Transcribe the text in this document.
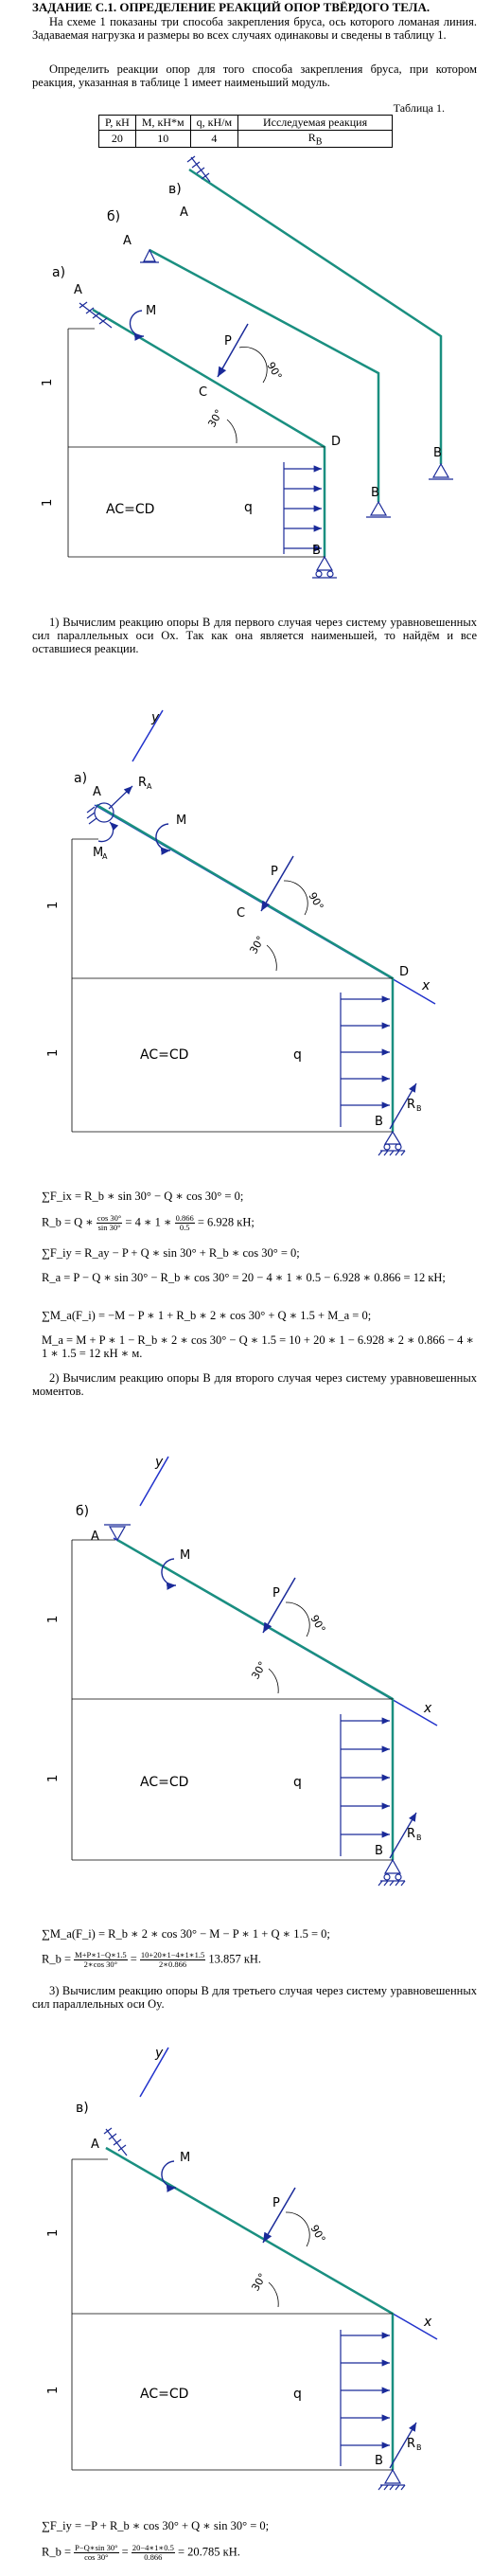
ЗАДАНИЕ С.1. ОПРЕДЕЛЕНИЕ РЕАКЦИЙ ОПОР ТВЁРДОГО ТЕЛА.

На схеме 1 показаны три способа закрепления бруса, ось которого ломаная линия. Задаваемая нагрузка и размеры во всех случаях одинаковы и сведены в таблицу 1.

Определить реакции опор для того способа закрепления бруса, при котором реакция, указанная в таблице 1 имеет наименьший модуль.

Таблица 1.
P, кН	M, кН*м	q, кН/м	Исследуемая реакция
20	10	4	$R_B$
в)
б)
а)
A
A
A
M
P
90°
C
30°
D
1
1	AC=CD	q
B
B
B

1) Вычислим реакцию опоры B для первого случая через систему уравновешенных сил параллельных оси Ox. Так как она является наименьшей, то найдём и все оставшиеся реакции.

y
x
а)
A
R A
M
A
M
P
90°
C
30°
D
1
1	AC=CD	q
R B
B

∑F_ix = R_b ∗ sin 30° − Q ∗ cos 30° = 0;

R_b = Q ∗ $\frac{\cos 30^\circ}{\sin 30^\circ} = 4$ ∗ 1 ∗ $\frac{0.866}{0.5} = 6.928$ кН;

∑F_iy = R_ay − P + Q ∗ sin 30° + R_b ∗ cos 30° = 0;

R_a = P − Q ∗ sin 30° − R_b ∗ cos 30° = 20 − 4 ∗ 1 ∗ 0.5 − 6.928 ∗ 0.866 = 12 кН;

∑M_a(F_i) = −M − P ∗ 1 + R_b ∗ 2 ∗ cos 30° + Q ∗ 1.5 + M_a = 0;

M_a = M + P ∗ 1 − R_b ∗ 2 ∗ cos 30° − Q ∗ 1.5 = 10 + 20 ∗ 1 − 6.928 ∗ 2 ∗ 0.866 − 4 ∗ 1 ∗ 1.5 = 12 кН ∗ м.

2) Вычислим реакцию опоры B для второго случая через систему уравновешенных моментов.

y
x
б)
A
M
P
90°
30°
1
1	AC=CD	q
R B
B

∑M_a(F_i) = R_b ∗ 2 ∗ cos 30° − M − P ∗ 1 + Q ∗ 1.5 = 0;

R_b = $\frac{M+P∗1-Q∗1.5}{2∗\cos 30^\circ} = \frac{10+20∗1-4∗1∗1.5}{2∗0.866} 13.857$ кН.

3) Вычислим реакцию опоры B для третьего случая через систему уравновешенных сил параллельных оси Oy.

y
x
в)
A
M
P
90°
30°
1
1	AC=CD	q
R B
B

∑F_iy = −P + R_b ∗ cos 30° + Q ∗ sin 30° = 0;

R_b = $\frac{P-Q∗\sin 30^\circ}{\cos 30^\circ} = \frac{20-4∗1∗0.5}{0.866} = 20.785$ кН.
